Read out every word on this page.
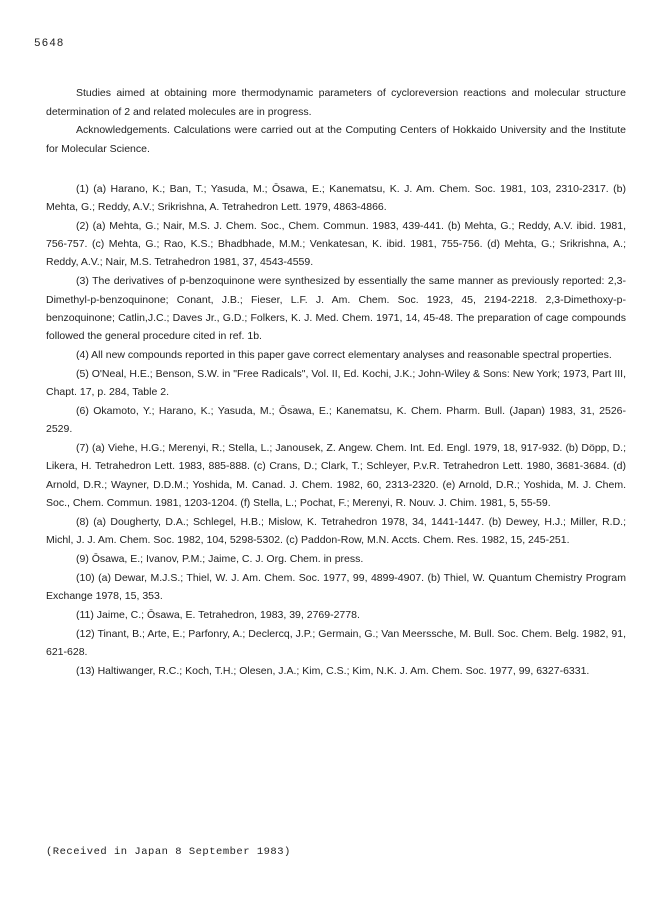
5648

Studies aimed at obtaining more thermodynamic parameters of cycloreversion reactions and molecular structure determination of 2 and related molecules are in progress.

Acknowledgements. Calculations were carried out at the Computing Centers of Hokkaido University and the Institute for Molecular Science.

(1) (a) Harano, K.; Ban, T.; Yasuda, M.; Ōsawa, E.; Kanematsu, K. J. Am. Chem. Soc. 1981, 103, 2310-2317. (b) Mehta, G.; Reddy, A.V.; Srikrishna, A. Tetrahedron Lett. 1979, 4863-4866.

(2) (a) Mehta, G.; Nair, M.S. J. Chem. Soc., Chem. Commun. 1983, 439-441. (b) Mehta, G.; Reddy, A.V. ibid. 1981, 756-757. (c) Mehta, G.; Rao, K.S.; Bhadbhade, M.M.; Venkatesan, K. ibid. 1981, 755-756. (d) Mehta, G.; Srikrishna, A.; Reddy, A.V.; Nair, M.S. Tetrahedron 1981, 37, 4543-4559.

(3) The derivatives of p-benzoquinone were synthesized by essentially the same manner as previously reported: 2,3-Dimethyl-p-benzoquinone; Conant, J.B.; Fieser, L.F. J. Am. Chem. Soc. 1923, 45, 2194-2218. 2,3-Dimethoxy-p-benzoquinone; Catlin,J.C.; Daves Jr., G.D.; Folkers, K. J. Med. Chem. 1971, 14, 45-48. The preparation of cage compounds followed the general procedure cited in ref. 1b.

(4) All new compounds reported in this paper gave correct elementary analyses and reasonable spectral properties.

(5) O'Neal, H.E.; Benson, S.W. in "Free Radicals", Vol. II, Ed. Kochi, J.K.; John-Wiley & Sons: New York; 1973, Part III, Chapt. 17, p. 284, Table 2.

(6) Okamoto, Y.; Harano, K.; Yasuda, M.; Ōsawa, E.; Kanematsu, K. Chem. Pharm. Bull. (Japan) 1983, 31, 2526-2529.

(7) (a) Viehe, H.G.; Merenyi, R.; Stella, L.; Janousek, Z. Angew. Chem. Int. Ed. Engl. 1979, 18, 917-932. (b) Döpp, D.; Likera, H. Tetrahedron Lett. 1983, 885-888. (c) Crans, D.; Clark, T.; Schleyer, P.v.R. Tetrahedron Lett. 1980, 3681-3684. (d) Arnold, D.R.; Wayner, D.D.M.; Yoshida, M. Canad. J. Chem. 1982, 60, 2313-2320. (e) Arnold, D.R.; Yoshida, M. J. Chem. Soc., Chem. Commun. 1981, 1203-1204. (f) Stella, L.; Pochat, F.; Merenyi, R. Nouv. J. Chim. 1981, 5, 55-59.

(8) (a) Dougherty, D.A.; Schlegel, H.B.; Mislow, K. Tetrahedron 1978, 34, 1441-1447. (b) Dewey, H.J.; Miller, R.D.; Michl, J. J. Am. Chem. Soc. 1982, 104, 5298-5302. (c) Paddon-Row, M.N. Accts. Chem. Res. 1982, 15, 245-251.

(9) Ōsawa, E.; Ivanov, P.M.; Jaime, C. J. Org. Chem. in press.

(10) (a) Dewar, M.J.S.; Thiel, W. J. Am. Chem. Soc. 1977, 99, 4899-4907. (b) Thiel, W. Quantum Chemistry Program Exchange 1978, 15, 353.

(11) Jaime, C.; Ōsawa, E. Tetrahedron, 1983, 39, 2769-2778.

(12) Tinant, B.; Arte, E.; Parfonry, A.; Declercq, J.P.; Germain, G.; Van Meerssche, M. Bull. Soc. Chem. Belg. 1982, 91, 621-628.

(13) Haltiwanger, R.C.; Koch, T.H.; Olesen, J.A.; Kim, C.S.; Kim, N.K. J. Am. Chem. Soc. 1977, 99, 6327-6331.

(Received in Japan 8 September 1983)
